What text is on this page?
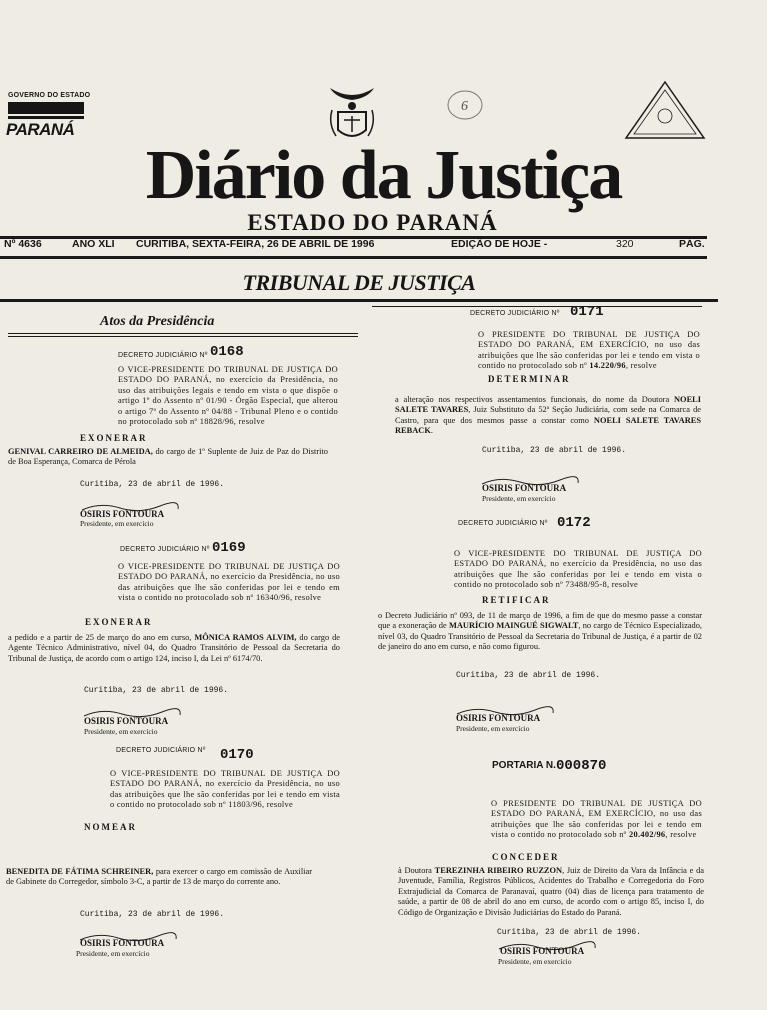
GOVERNO DO ESTADO
PARANÁ
6
Diário da Justiça
ESTADO DO PARANÁ
Nº 4636	ANO XLI CURITIBA, SEXTA-FEIRA, 26 DE ABRIL DE 1996	EDIÇÃO DE HOJE -	320	PÁG.
TRIBUNAL DE JUSTIÇA
Atos da Presidência
DECRETO JUDICIÁRIO Nº 0168
O VICE-PRESIDENTE DO TRIBUNAL DE JUSTIÇA DO ESTADO DO PARANÁ, no exercício da Presidência, no uso das atribuições legais e tendo em vista o que dispõe o artigo 1º do Assento nº 01/90 - Órgão Especial, que alterou o artigo 7º do Assento nº 04/88 - Tribunal Pleno e o contido no protocolado sob nº 18828/96, resolve
EXONERAR
GENIVAL CARREIRO DE ALMEIDA, do cargo de 1º Suplente de Juiz de Paz do Distrito de Boa Esperança, Comarca de Pérola
Curitiba, 23 de abril de 1996.
OSIRIS FONTOURA
Presidente, em exercício
DECRETO JUDICIÁRIO Nº 0169
O VICE-PRESIDENTE DO TRIBUNAL DE JUSTIÇA DO ESTADO DO PARANÁ, no exercício da Presidência, no uso das atribuições que lhe são conferidas por lei e tendo em vista o contido no protocolado sob nº 16340/96, resolve
EXONERAR
a pedido e a partir de 25 de março do ano em curso, MÔNICA RAMOS ALVIM, do cargo de Agente Técnico Administrativo, nível 04, do Quadro Transitório de Pessoal da Secretaria do Tribunal de Justiça, de acordo com o artigo 124, inciso I, da Lei nº 6174/70.
Curitiba, 23 de abril de 1996.
OSIRIS FONTOURA
Presidente, em exercício
DECRETO JUDICIÁRIO Nº 0170
O VICE-PRESIDENTE DO TRIBUNAL DE JUSTIÇA DO ESTADO DO PARANÁ, no exercício da Presidência, no uso das atribuições que lhe são conferidas por lei e tendo em vista o contido no protocolado sob nº 11803/96, resolve
NOMEAR
BENEDITA DE FÁTIMA SCHREINER, para exercer o cargo em comissão de Auxiliar de Gabinete do Corregedor, símbolo 3-C, a partir de 13 de março do corrente ano.
Curitiba, 23 de abril de 1996.
OSIRIS FONTOURA
Presidente, em exercício
DECRETO JUDICIÁRIO Nº 0171
O PRESIDENTE DO TRIBUNAL DE JUSTIÇA DO ESTADO DO PARANÁ, EM EXERCÍCIO, no uso das atribuições que lhe são conferidas por lei e tendo em vista o contido no protocolado sob nº 14.220/96, resolve
DETERMINAR
a alteração nos respectivos assentamentos funcionais, do nome da Doutora NOELI SALETE TAVARES, Juiz Substituto da 52ª Seção Judiciária, com sede na Comarca de Castro, para que dos mesmos passe a constar como NOELI SALETE TAVARES REBACK.
Curitiba, 23 de abril de 1996.
OSIRIS FONTOURA
Presidente, em exercício
DECRETO JUDICIÁRIO Nº 0172
O VICE-PRESIDENTE DO TRIBUNAL DE JUSTIÇA DO ESTADO DO PARANÁ, no exercício da Presidência, no uso das atribuições que lhe são conferidas por lei e tendo em vista o contido no protocolado sob nº 73488/95-8, resolve
RETIFICAR
o Decreto Judiciário nº 093, de 11 de março de 1996, a fim de que do mesmo passe a constar que a exoneração de MAURÍCIO MAINGUÉ SIGWALT, no cargo de Técnico Especializado, nível 03, do Quadro Transitório de Pessoal da Secretaria do Tribunal de Justiça, é a partir de 02 de janeiro do ano em curso, e não como figurou.
Curitiba, 23 de abril de 1996.
OSIRIS FONTOURA
Presidente, em exercício
PORTARIA N. 000870
O PRESIDENTE DO TRIBUNAL DE JUSTIÇA DO ESTADO DO PARANÁ, EM EXERCÍCIO, no uso das atribuições que lhe são conferidas por lei e tendo em vista o contido no protocolado sob nº 20.402/96, resolve
CONCEDER
à Doutora TEREZINHA RIBEIRO RUZZON, Juiz de Direito da Vara da Infância e da Juventude, Família, Registros Públicos, Acidentes do Trabalho e Corregedoria do Foro Extrajudicial da Comarca de Paranavaí, quatro (04) dias de licença para tratamento de saúde, a partir de 08 de abril do ano em curso, de acordo com o artigo 85, inciso I, do Código de Organização e Divisão Judiciárias do Estado do Paraná.
Curitiba, 23 de abril de 1996.
OSIRIS FONTOURA
Presidente, em exercício
